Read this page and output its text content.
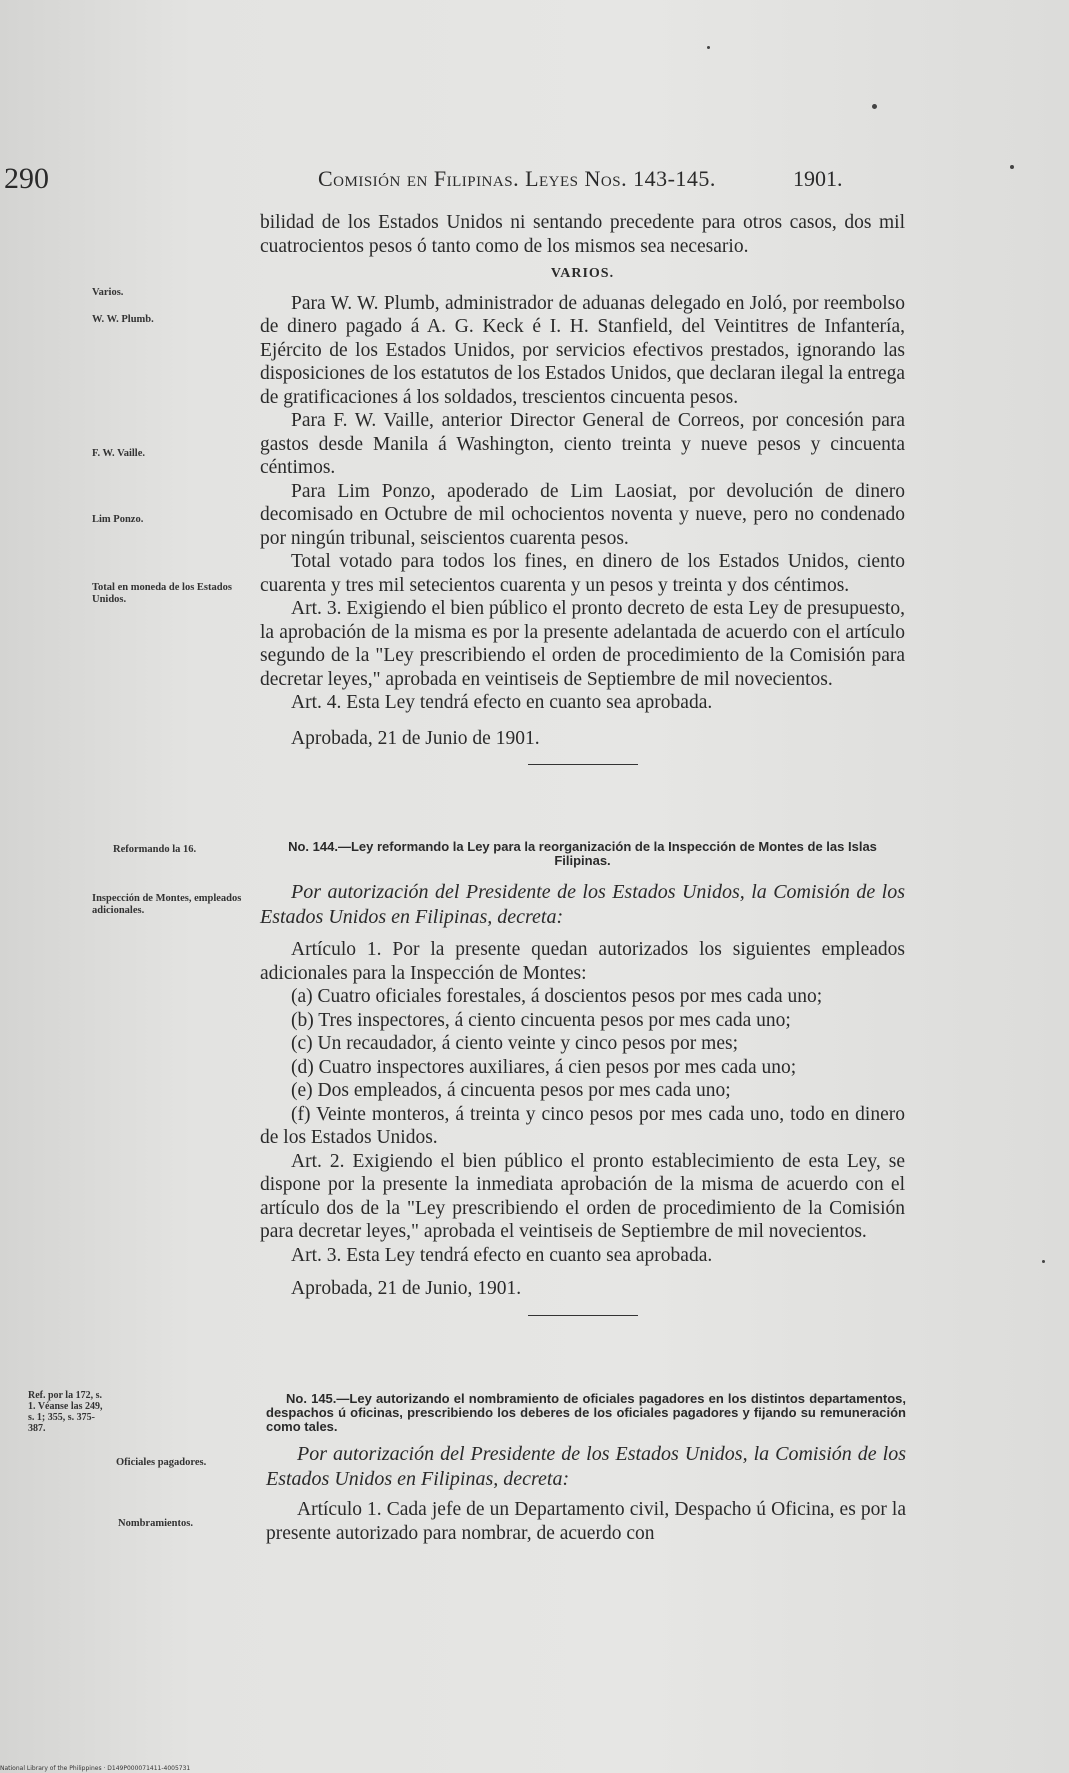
290	Comisión en Filipinas. Leyes Nos. 143-145.	1901.
Varios.
W. W. Plumb.
F. W. Vaille.
Lim Ponzo.
Total en moneda de los Estados Unidos.
Reformando la 16.
Inspección de Montes, empleados adicionales.
Ref. por la 172, s. 1. Véanse las 249, s. 1; 355, s. 375-387.
Oficiales pagadores.
Nombramientos.

bilidad de los Estados Unidos ni sentando precedente para otros casos, dos mil cuatrocientos pesos ó tanto como de los mismos sea necesario.

VARIOS.

Para W. W. Plumb, administrador de aduanas delegado en Joló, por reembolso de dinero pagado á A. G. Keck é I. H. Stanfield, del Veintitres de Infantería, Ejército de los Estados Unidos, por servicios efectivos prestados, ignorando las disposiciones de los estatutos de los Estados Unidos, que declaran ilegal la entrega de gratificaciones á los soldados, trescientos cincuenta pesos.

Para F. W. Vaille, anterior Director General de Correos, por concesión para gastos desde Manila á Washington, ciento treinta y nueve pesos y cincuenta céntimos.

Para Lim Ponzo, apoderado de Lim Laosiat, por devolución de dinero decomisado en Octubre de mil ochocientos noventa y nueve, pero no condenado por ningún tribunal, seiscientos cuarenta pesos.

Total votado para todos los fines, en dinero de los Estados Unidos, ciento cuarenta y tres mil setecientos cuarenta y un pesos y treinta y dos céntimos.

Art. 3. Exigiendo el bien público el pronto decreto de esta Ley de presupuesto, la aprobación de la misma es por la presente adelantada de acuerdo con el artículo segundo de la "Ley prescribiendo el orden de procedimiento de la Comisión para decretar leyes," aprobada en veintiseis de Septiembre de mil novecientos.

Art. 4. Esta Ley tendrá efecto en cuanto sea aprobada.

Aprobada, 21 de Junio de 1901.

No. 144.—Ley reformando la Ley para la reorganización de la Inspección de Montes de las Islas Filipinas.

Por autorización del Presidente de los Estados Unidos, la Comisión de los Estados Unidos en Filipinas, decreta:

Artículo 1. Por la presente quedan autorizados los siguientes empleados adicionales para la Inspección de Montes:

(a) Cuatro oficiales forestales, á doscientos pesos por mes cada uno;

(b) Tres inspectores, á ciento cincuenta pesos por mes cada uno;

(c) Un recaudador, á ciento veinte y cinco pesos por mes;

(d) Cuatro inspectores auxiliares, á cien pesos por mes cada uno;

(e) Dos empleados, á cincuenta pesos por mes cada uno;

(f) Veinte monteros, á treinta y cinco pesos por mes cada uno, todo en dinero de los Estados Unidos.

Art. 2. Exigiendo el bien público el pronto establecimiento de esta Ley, se dispone por la presente la inmediata aprobación de la misma de acuerdo con el artículo dos de la "Ley prescribiendo el orden de procedimiento de la Comisión para decretar leyes," aprobada el veintiseis de Septiembre de mil novecientos.

Art. 3. Esta Ley tendrá efecto en cuanto sea aprobada.

Aprobada, 21 de Junio, 1901.

No. 145.—Ley autorizando el nombramiento de oficiales pagadores en los distintos departamentos, despachos ú oficinas, prescribiendo los deberes de los oficiales pagadores y fijando su remuneración como tales.

Por autorización del Presidente de los Estados Unidos, la Comisión de los Estados Unidos en Filipinas, decreta:

Artículo 1. Cada jefe de un Departamento civil, Despacho ú Oficina, es por la presente autorizado para nombrar, de acuerdo con

National Library of the Philippines · D149P000071411-4005731
